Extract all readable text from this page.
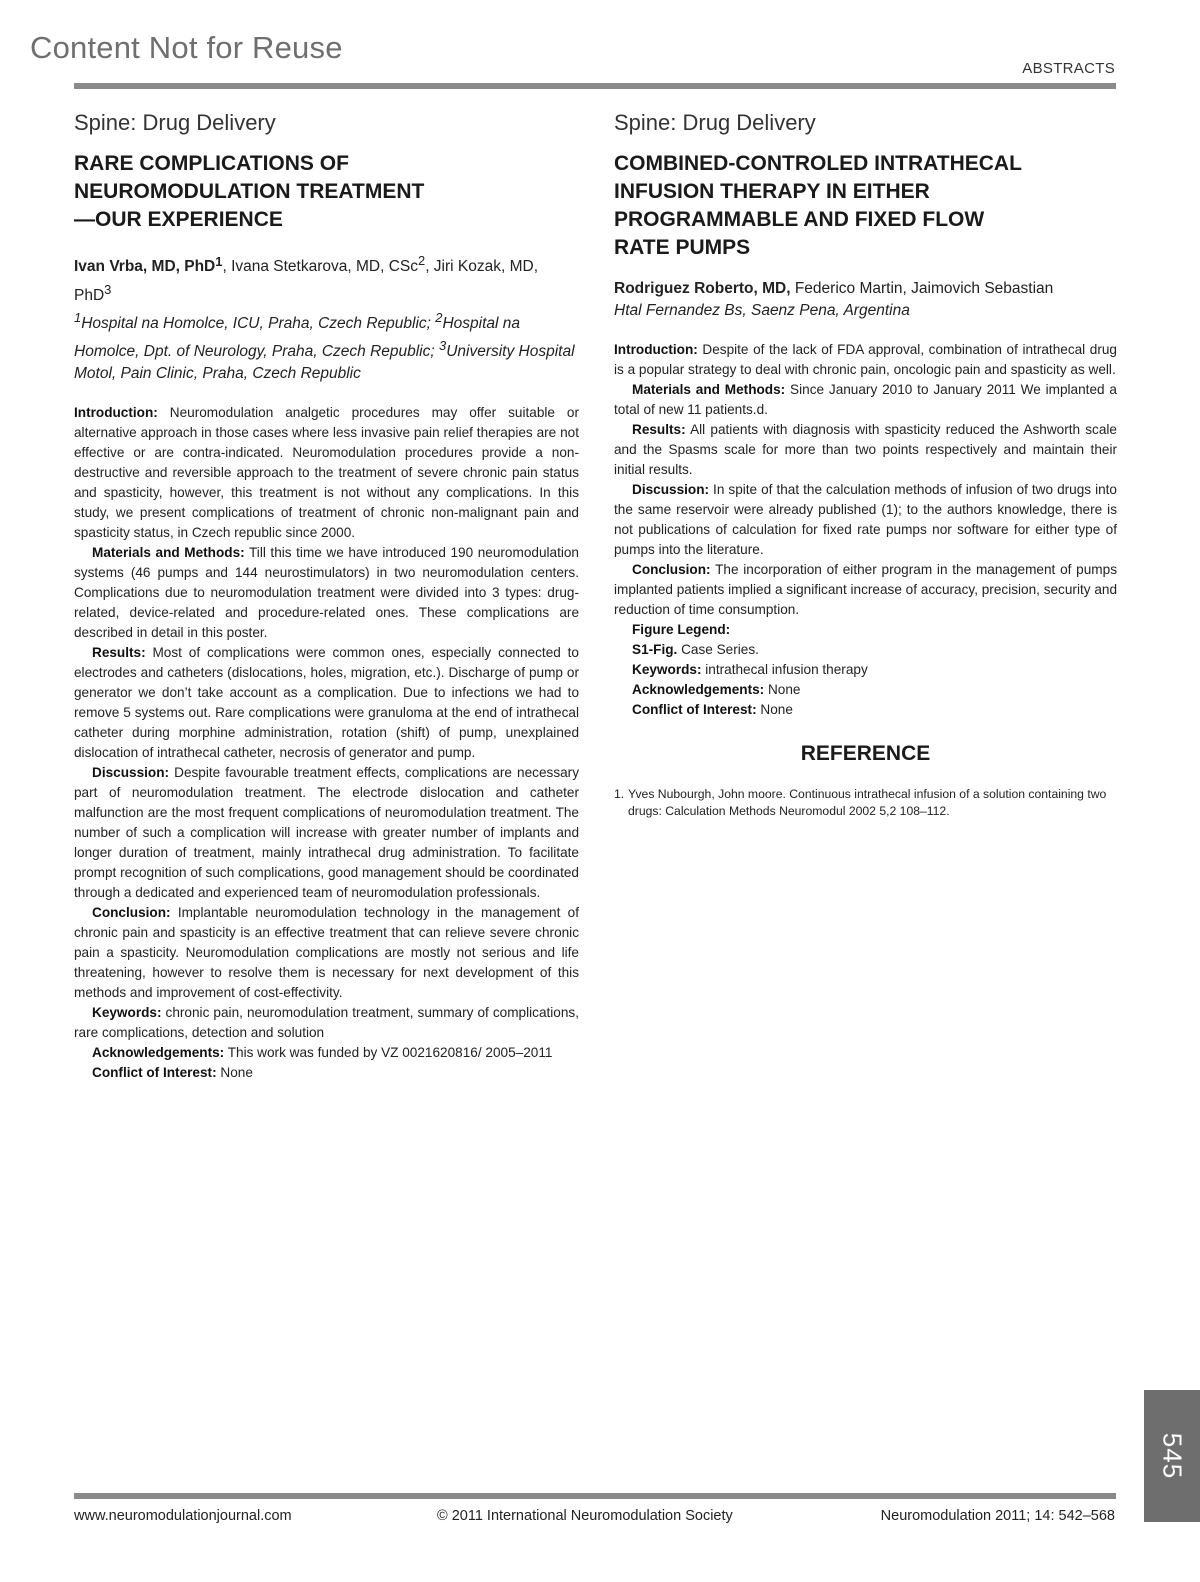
Content Not for Reuse
ABSTRACTS
Spine: Drug Delivery
RARE COMPLICATIONS OF
NEUROMODULATION TREATMENT
—OUR EXPERIENCE
Ivan Vrba, MD, PhD$^1$, Ivana Stetkarova, MD, CSc$^2$, Jiri Kozak, MD, PhD$^3$
$^1$Hospital na Homolce, ICU, Praha, Czech Republic; $^2$Hospital na Homolce, Dpt. of Neurology, Praha, Czech Republic; $^3$University Hospital Motol, Pain Clinic, Praha, Czech Republic

Introduction: Neuromodulation analgetic procedures may offer suitable or alternative approach in those cases where less invasive pain relief therapies are not effective or are contra-indicated. Neuromodulation procedures provide a non-destructive and reversible approach to the treatment of severe chronic pain status and spasticity, however, this treatment is not without any complications. In this study, we present complications of treatment of chronic non-malignant pain and spasticity status, in Czech republic since 2000.

Materials and Methods: Till this time we have introduced 190 neuromodulation systems (46 pumps and 144 neurostimulators) in two neuromodulation centers. Complications due to neuromodulation treatment were divided into 3 types: drug-related, device-related and procedure-related ones. These complications are described in detail in this poster.

Results: Most of complications were common ones, especially connected to electrodes and catheters (dislocations, holes, migration, etc.). Discharge of pump or generator we don’t take account as a complication. Due to infections we had to remove 5 systems out. Rare complications were granuloma at the end of intrathecal catheter during morphine administration, rotation (shift) of pump, unexplained dislocation of intrathecal catheter, necrosis of generator and pump.

Discussion: Despite favourable treatment effects, complications are necessary part of neuromodulation treatment. The electrode dislocation and catheter malfunction are the most frequent complications of neuromodulation treatment. The number of such a complication will increase with greater number of implants and longer duration of treatment, mainly intrathecal drug administration. To facilitate prompt recognition of such complications, good management should be coordinated through a dedicated and experienced team of neuromodulation professionals.

Conclusion: Implantable neuromodulation technology in the management of chronic pain and spasticity is an effective treatment that can relieve severe chronic pain a spasticity. Neuromodulation complications are mostly not serious and life threatening, however to resolve them is necessary for next development of this methods and improvement of cost-effectivity.

Keywords: chronic pain, neuromodulation treatment, summary of complications, rare complications, detection and solution

Acknowledgements: This work was funded by VZ 0021620816/ 2005–2011

Conflict of Interest: None

Spine: Drug Delivery
COMBINED-CONTROLED INTRATHECAL
INFUSION THERAPY IN EITHER
PROGRAMMABLE AND FIXED FLOW
RATE PUMPS
Rodriguez Roberto, MD, Federico Martin, Jaimovich Sebastian
Htal Fernandez Bs, Saenz Pena, Argentina

Introduction: Despite of the lack of FDA approval, combination of intrathecal drug is a popular strategy to deal with chronic pain, oncologic pain and spasticity as well.

Materials and Methods: Since January 2010 to January 2011 We implanted a total of new 11 patients.d.

Results: All patients with diagnosis with spasticity reduced the Ashworth scale and the Spasms scale for more than two points respectively and maintain their initial results.

Discussion: In spite of that the calculation methods of infusion of two drugs into the same reservoir were already published (1); to the authors knowledge, there is not publications of calculation for fixed rate pumps nor software for either type of pumps into the literature.

Conclusion: The incorporation of either program in the management of pumps implanted patients implied a significant increase of accuracy, precision, security and reduction of time consumption.

Figure Legend:
S1-Fig. Case Series.
Keywords: intrathecal infusion therapy
Acknowledgements: None
Conflict of Interest: None
REFERENCE
1. Yves Nubourgh, John moore. Continuous intrathecal infusion of a solution containing two drugs: Calculation Methods Neuromodul 2002 5,2 108–112.
545
www.neuromodulationjournal.com	© 2011 International Neuromodulation Society	Neuromodulation 2011; 14: 542–568
